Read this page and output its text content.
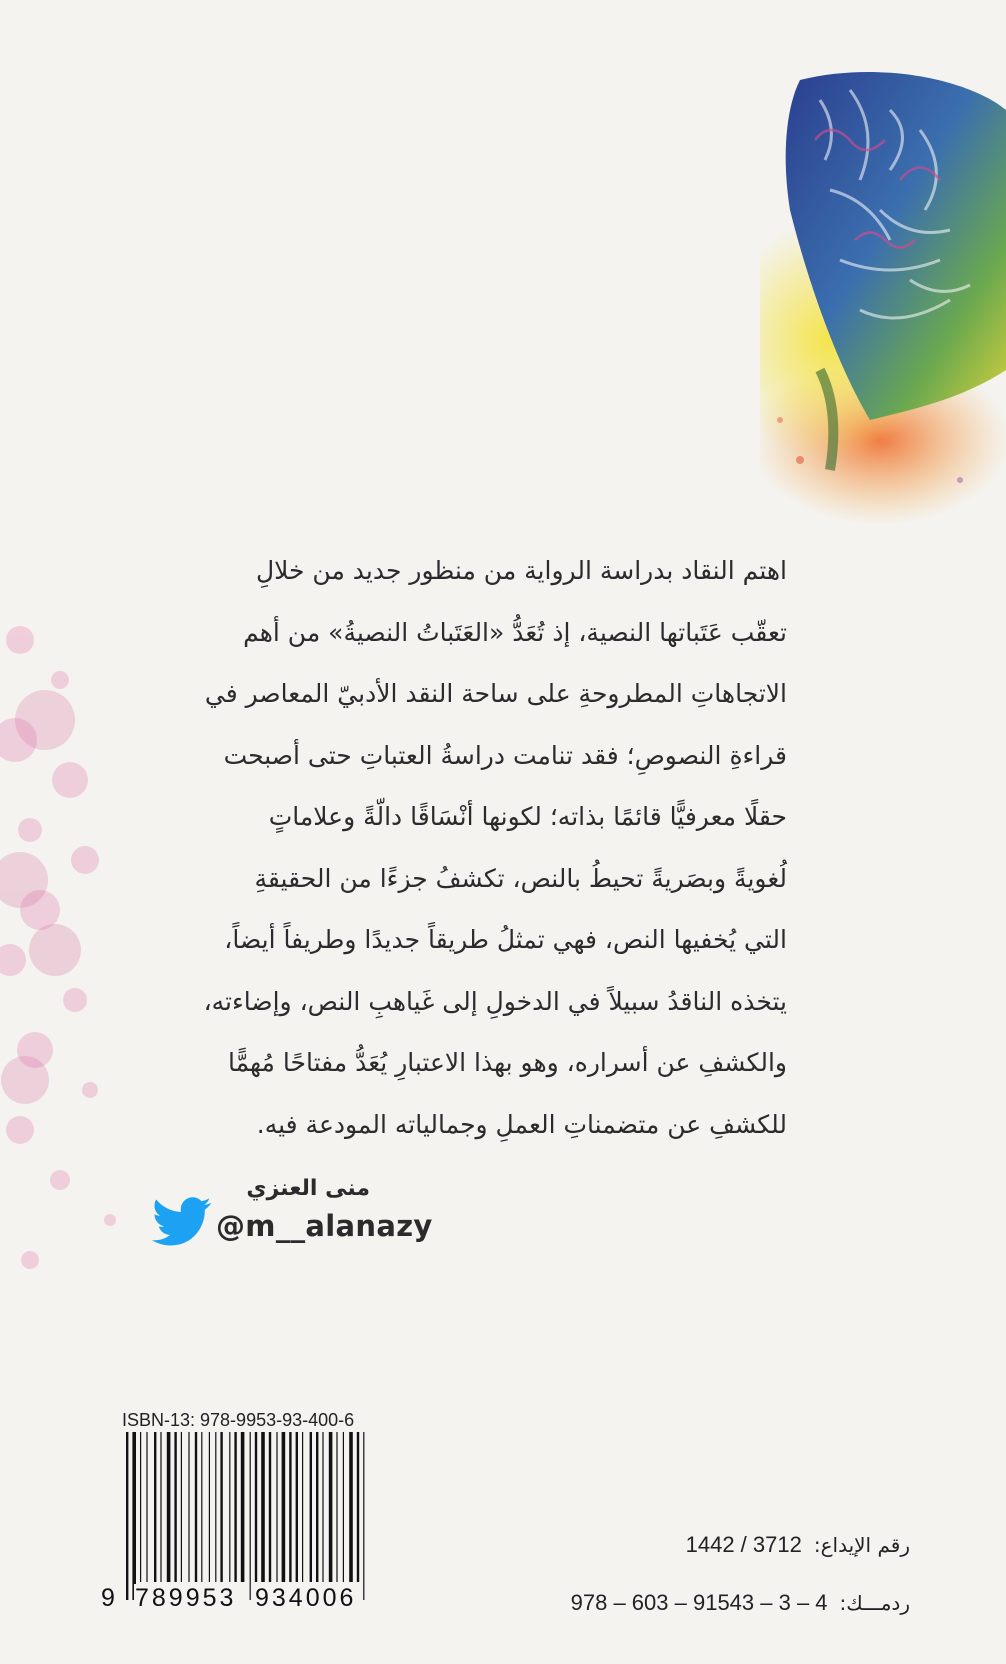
اهتم النقاد بدراسة الرواية من منظور جديد من خلالِ
تعقّب عَتَباتها النصية، إذ تُعَدُّ «العَتَباتُ النصيةُ» من أهم
الاتجاهاتِ المطروحةِ على ساحة النقد الأدبيّ المعاصر في
قراءةِ النصوصِ؛ فقد تنامت دراسةُ العتباتِ حتى أصبحت
حقلًا معرفيًّا قائمًا بذاته؛ لكونها أنْسَاقًا دالّةً وعلاماتٍ
لُغويةً وبصَريةً تحيطُ بالنص، تكشفُ جزءًا من الحقيقةِ
التي يُخفيها النص، فهي تمثلُ طريقاً جديدًا وطريفاً أيضاً،
يتخذه الناقدُ سبيلاً في الدخولِ إلى غَياهبِ النص، وإضاءته،
والكشفِ عن أسراره، وهو بهذا الاعتبارِ يُعَدُّ مفتاحًا مُهمًّا
للكشفِ عن متضمناتِ العملِ وجمالياته المودعة فيه.

منى العنزي

@m__alanazy

ISBN-13: 978-9953-93-400-6

9 789953 934006
رقم الإيداع:
1442 / 3712
ردمـــك:
978 – 603 – 91543 – 3 – 4
